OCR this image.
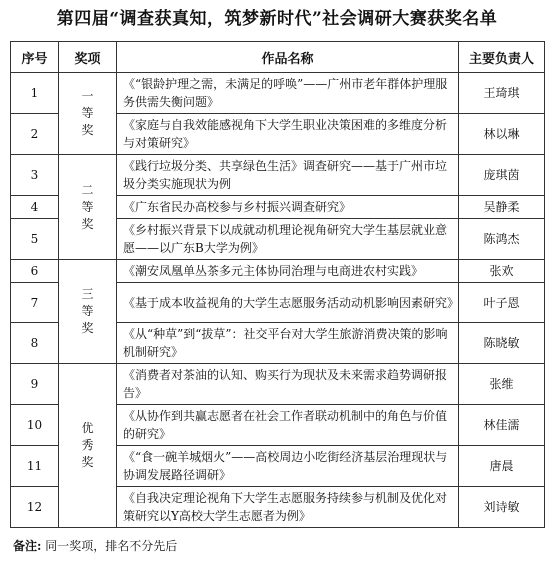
第四届“调查获真知，筑梦新时代”社会调研大赛获奖名单
序号	奖项	作品名称	主要负责人
1	一等奖	《“银龄护理之需，未满足的呼唤”——广州市老年群体护理服务供需失衡问题》	王琦琪
2		《家庭与自我效能感视角下大学生职业决策困难的多维度分析与对策研究》	林以琳
3	二等奖	《践行垃圾分类、共享绿色生活》调查研究——基于广州市垃圾分类实施现状为例	庞琪茵
4		《广东省民办高校参与乡村振兴调查研究》	吴静柔
5		《乡村振兴背景下以成就动机理论视角研究大学生基层就业意愿——以广东B大学为例》	陈鸿杰
6	三等奖	《潮安凤凰单丛茶多元主体协同治理与电商进农村实践》	张欢
7		《基于成本收益视角的大学生志愿服务活动动机影响因素研究》	叶子恩
8		《从“种草”到“拔草”：社交平台对大学生旅游消费决策的影响机制研究》	陈晓敏
9	优秀奖	《消费者对茶油的认知、购买行为现状及未来需求趋势调研报告》	张维
10		《从协作到共赢志愿者在社会工作者联动机制中的角色与价值的研究》	林佳濡
11		《“食一碗羊城烟火”——高校周边小吃街经济基层治理现状与协调发展路径调研》	唐晨
12		《自我决定理论视角下大学生志愿服务持续参与机制及优化对策研究以Y高校大学生志愿者为例》	刘诗敏
备注: 同一奖项，排名不分先后
